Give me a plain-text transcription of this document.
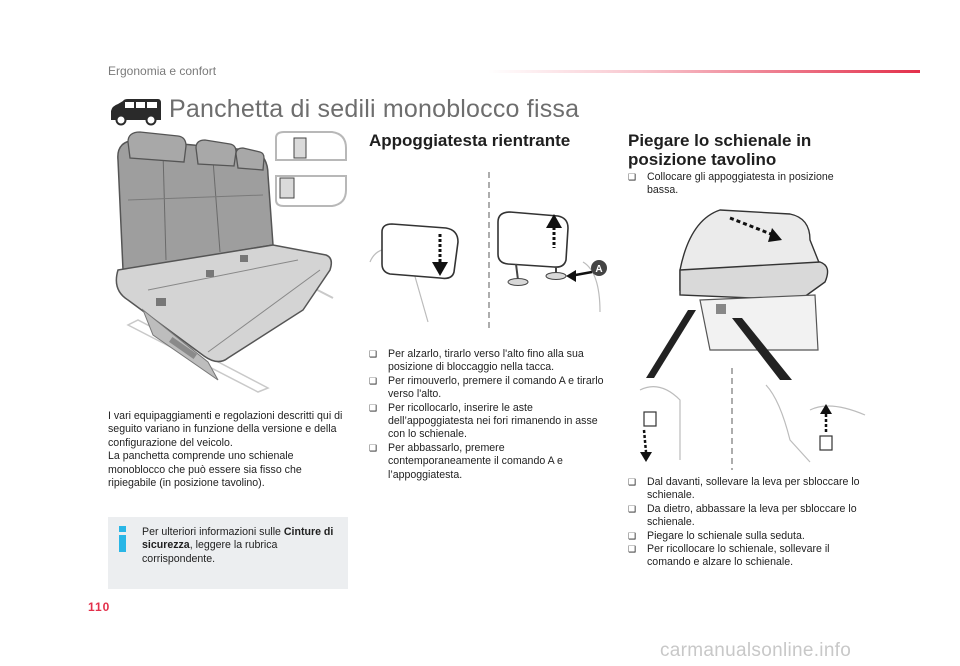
Ergonomia e confort
Panchetta di sedili monoblocco fissa
Appoggiatesta rientrante
A
❑ Per alzarlo, tirarlo verso l'alto fino alla sua posizione di bloccaggio nella tacca.
❑ Per rimouverlo, premere il comando A e tirarlo verso l'alto.
❑ Per ricollocarlo, inserire le aste dell’appoggiatesta nei fori rimanendo in asse con lo schienale.
❑ Per abbassarlo, premere contemporaneamente il comando A e l’appoggiatesta.
Piegare lo schienale in
posizione tavolino
❑ Collocare gli appoggiatesta in posizione bassa.
❑ Dal davanti, sollevare la leva per sbloccare lo schienale.
❑ Da dietro, abbassare la leva per sbloccare lo schienale.
❑ Piegare lo schienale sulla seduta.
❑ Per ricollocare lo schienale, sollevare il comando e alzare lo schienale.

I vari equipaggiamenti e regolazioni descritti qui di seguito variano in funzione della versione e della configurazione del veicolo.

La panchetta comprende uno schienale monoblocco che può essere sia fisso che ripiegabile (in posizione tavolino).

Per ulteriori informazioni sulle Cinture di sicurezza, leggere la rubrica corrispondente.
110
carmanualsonline.info
